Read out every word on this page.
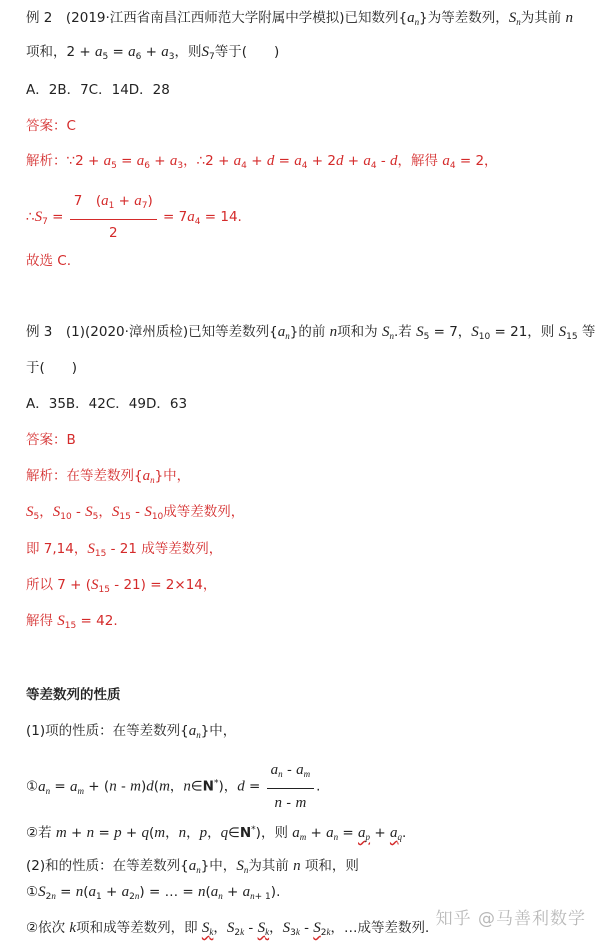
例 2　(2019·江西省南昌江西师范大学附属中学模拟)已知数列$\{a_n\}$为等差数列，$S_n$为其前 n
项和，$2 + a_5 = a_6 + a_3$，则$S_7$等于(　　)
A．2B．7C．14D．28
答案：C
解析：∵2 + $a_5 = a_6 + a_3$，∴2 + $a_4 + d = a_4 + 2d + a_4 - d$，解得 $a_4 = 2$，
$\therefore S_7 = \frac{7 (a_1 + a_7)}{2} = 7a_4 = 14$.
故选 C.
例 3　(1)(2020·漳州质检)已知等差数列$\{a_n\}$的前 n项和为 $S_n$.若 $S_5 = 7$，$S_{10} = 21$，则 $S_{15}$ 等
于(　　)
A．35B．42C．49D．63
答案：B
解析：在等差数列$\{a_n\}$中，
$S_5$，$S_{10} - S_5$，$S_{15} - S_{10}$成等差数列，
即 7,14，$S_{15} - 21$ 成等差数列，
所以 $7 + (S_{15} - 21) = 2\times 14$，
解得 $S_{15} = 42$.
等差数列的性质
(1)项的性质：在等差数列$\{a_n\}$中，
$①a_n = a_m + (n - m)d(m$，n∈N*)，$d = \frac{a_n - a_m}{n - m}$ .
②若 m + n = p + q(m，n，p，q∈N*)，则 $a_m + a_n = a_p + a_q$.
(2)和的性质：在等差数列$\{a_n\}$中，$S_n$为其前 n 项和，则
$①S_{2n} = n(a_1 + a_{2n})$ = … = $n(a_n + a_{n+ 1})$.
②依次 k项和成等差数列，即 $S_k$，$S_{2k} - S_k$，$S_{3k} - S_{2k}$，…成等差数列．
知乎 @马善利数学
